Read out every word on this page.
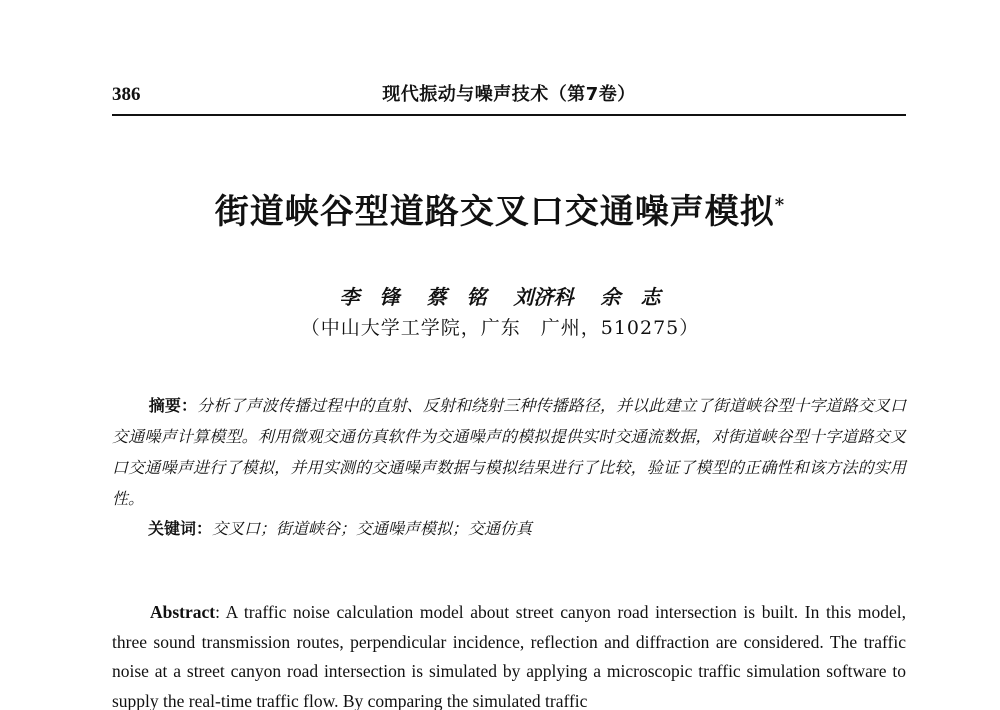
386	现代振动与噪声技术（第7卷）
街道峡谷型道路交叉口交通噪声模拟*
李　锋 蔡　铭 刘济科 余　志
（中山大学工学院，广东　广州，510275）

摘要：分析了声波传播过程中的直射、反射和绕射三种传播路径，并以此建立了街道峡谷型十字道路交叉口交通噪声计算模型。利用微观交通仿真软件为交通噪声的模拟提供实时交通流数据，对街道峡谷型十字道路交叉口交通噪声进行了模拟，并用实测的交通噪声数据与模拟结果进行了比较，验证了模型的正确性和该方法的实用性。

关键词：交叉口；街道峡谷；交通噪声模拟；交通仿真

Abstract: A traffic noise calculation model about street canyon road intersection is built. In this model, three sound transmission routes, perpendicular incidence, reflection and diffraction are considered. The traffic noise at a street canyon road intersection is simulated by applying a microscopic traffic simulation software to supply the real-time traffic flow. By comparing the simulated traffic
